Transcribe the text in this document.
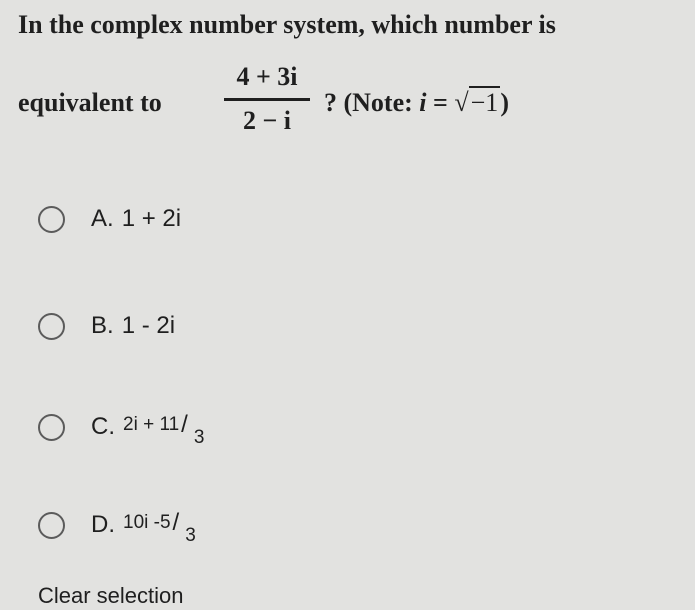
In the complex number system, which number is
equivalent to
4 + 3i
2 − i
? (Note: i = √−1)
A. 1 + 2i
B. 1 - 2i
C. 2i + 11/ $_3$
D. 10i -5/ $_3$
Clear selection
